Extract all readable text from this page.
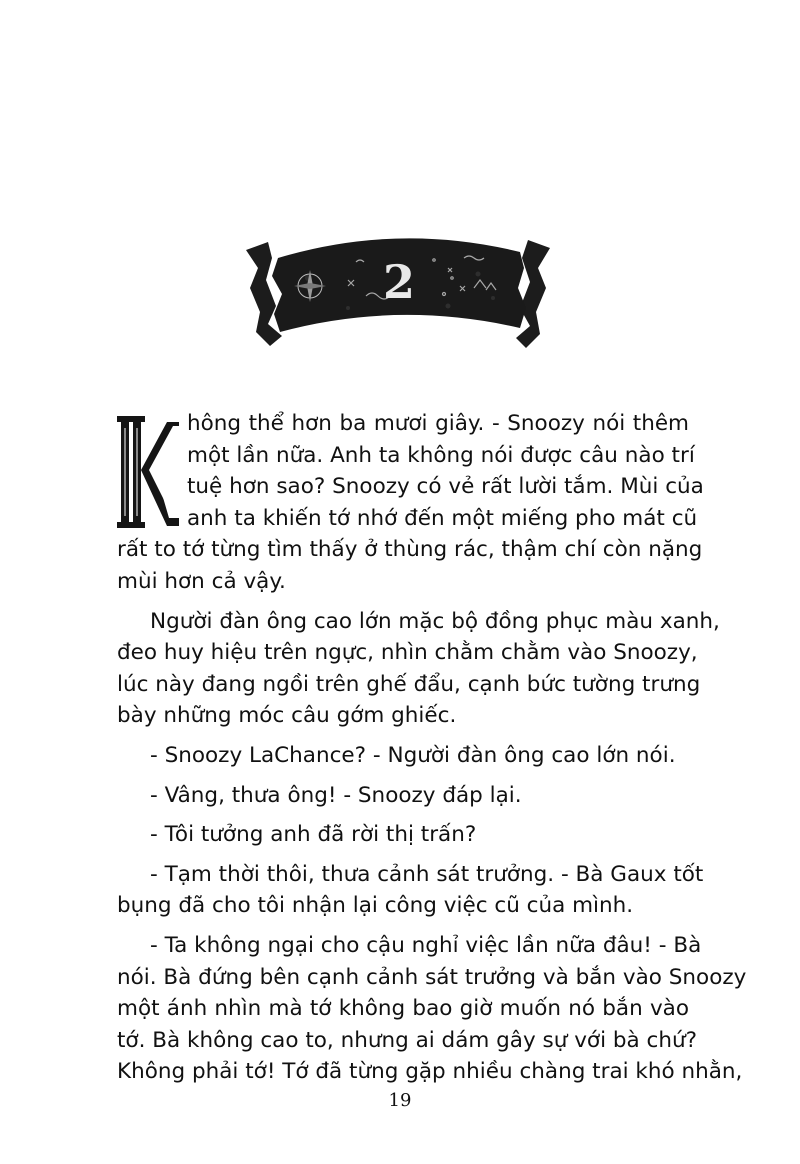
2

hông thể hơn ba mươi giây. - Snoozy nói thêm
một lần nữa. Anh ta không nói được câu nào trí
tuệ hơn sao? Snoozy có vẻ rất lười tắm. Mùi của
anh ta khiến tớ nhớ đến một miếng pho mát cũ
rất to tớ từng tìm thấy ở thùng rác, thậm chí còn nặng
mùi hơn cả vậy.

Người đàn ông cao lớn mặc bộ đồng phục màu xanh,
đeo huy hiệu trên ngực, nhìn chằm chằm vào Snoozy,
lúc này đang ngồi trên ghế đẩu, cạnh bức tường trưng
bày những móc câu gớm ghiếc.

- Snoozy LaChance? - Người đàn ông cao lớn nói.

- Vâng, thưa ông! - Snoozy đáp lại.

- Tôi tưởng anh đã rời thị trấn?

- Tạm thời thôi, thưa cảnh sát trưởng. - Bà Gaux tốt
bụng đã cho tôi nhận lại công việc cũ của mình.

- Ta không ngại cho cậu nghỉ việc lần nữa đâu! - Bà
nói. Bà đứng bên cạnh cảnh sát trưởng và bắn vào Snoozy
một ánh nhìn mà tớ không bao giờ muốn nó bắn vào
tớ. Bà không cao to, nhưng ai dám gây sự với bà chứ?
Không phải tớ! Tớ đã từng gặp nhiều chàng trai khó nhằn,

19
